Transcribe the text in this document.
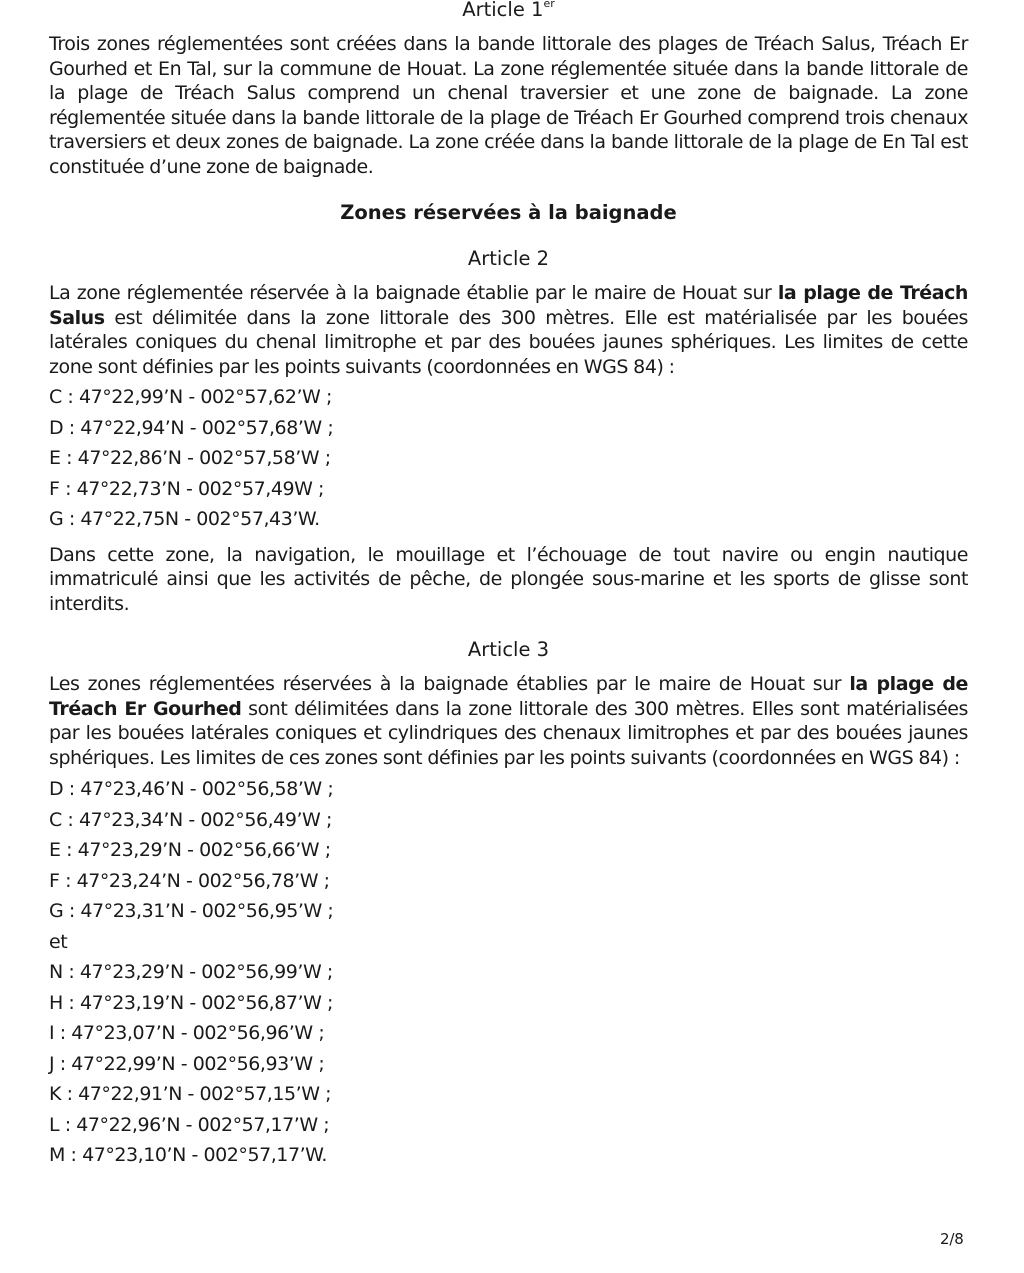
Article 1er

Trois zones réglementées sont créées dans la bande littorale des plages de Tréach Salus, Tréach Er Gourhed et En Tal, sur la commune de Houat. La zone réglementée située dans la bande littorale de la plage de Tréach Salus comprend un chenal traversier et une zone de baignade. La zone réglementée située dans la bande littorale de la plage de Tréach Er Gourhed comprend trois chenaux traversiers et deux zones de baignade. La zone créée dans la bande littorale de la plage de En Tal est constituée d’une zone de baignade.

Zones réservées à la baignade
Article 2

La zone réglementée réservée à la baignade établie par le maire de Houat sur la plage de Tréach Salus est délimitée dans la zone littorale des 300 mètres. Elle est matérialisée par les bouées latérales coniques du chenal limitrophe et par des bouées jaunes sphériques. Les limites de cette zone sont définies par les points suivants (coordonnées en WGS 84) :

C : 47°22,99’N - 002°57,62’W ;
D : 47°22,94’N - 002°57,68’W ;
E : 47°22,86’N - 002°57,58’W ;
F : 47°22,73’N - 002°57,49W ;
G : 47°22,75N - 002°57,43’W.

Dans cette zone, la navigation, le mouillage et l’échouage de tout navire ou engin nautique immatriculé ainsi que les activités de pêche, de plongée sous-marine et les sports de glisse sont interdits.

Article 3

Les zones réglementées réservées à la baignade établies par le maire de Houat sur la plage de Tréach Er Gourhed sont délimitées dans la zone littorale des 300 mètres. Elles sont matérialisées par les bouées latérales coniques et cylindriques des chenaux limitrophes et par des bouées jaunes sphériques. Les limites de ces zones sont définies par les points suivants (coordonnées en WGS 84) :

D : 47°23,46’N - 002°56,58’W ;
C : 47°23,34’N - 002°56,49’W ;
E : 47°23,29’N - 002°56,66’W ;
F : 47°23,24’N - 002°56,78’W ;
G : 47°23,31’N - 002°56,95’W ;
et
N : 47°23,29’N - 002°56,99’W ;
H : 47°23,19’N - 002°56,87’W ;
I : 47°23,07’N - 002°56,96’W ;
J : 47°22,99’N - 002°56,93’W ;
K : 47°22,91’N - 002°57,15’W ;
L : 47°22,96’N - 002°57,17’W ;
M : 47°23,10’N - 002°57,17’W.
2/8
